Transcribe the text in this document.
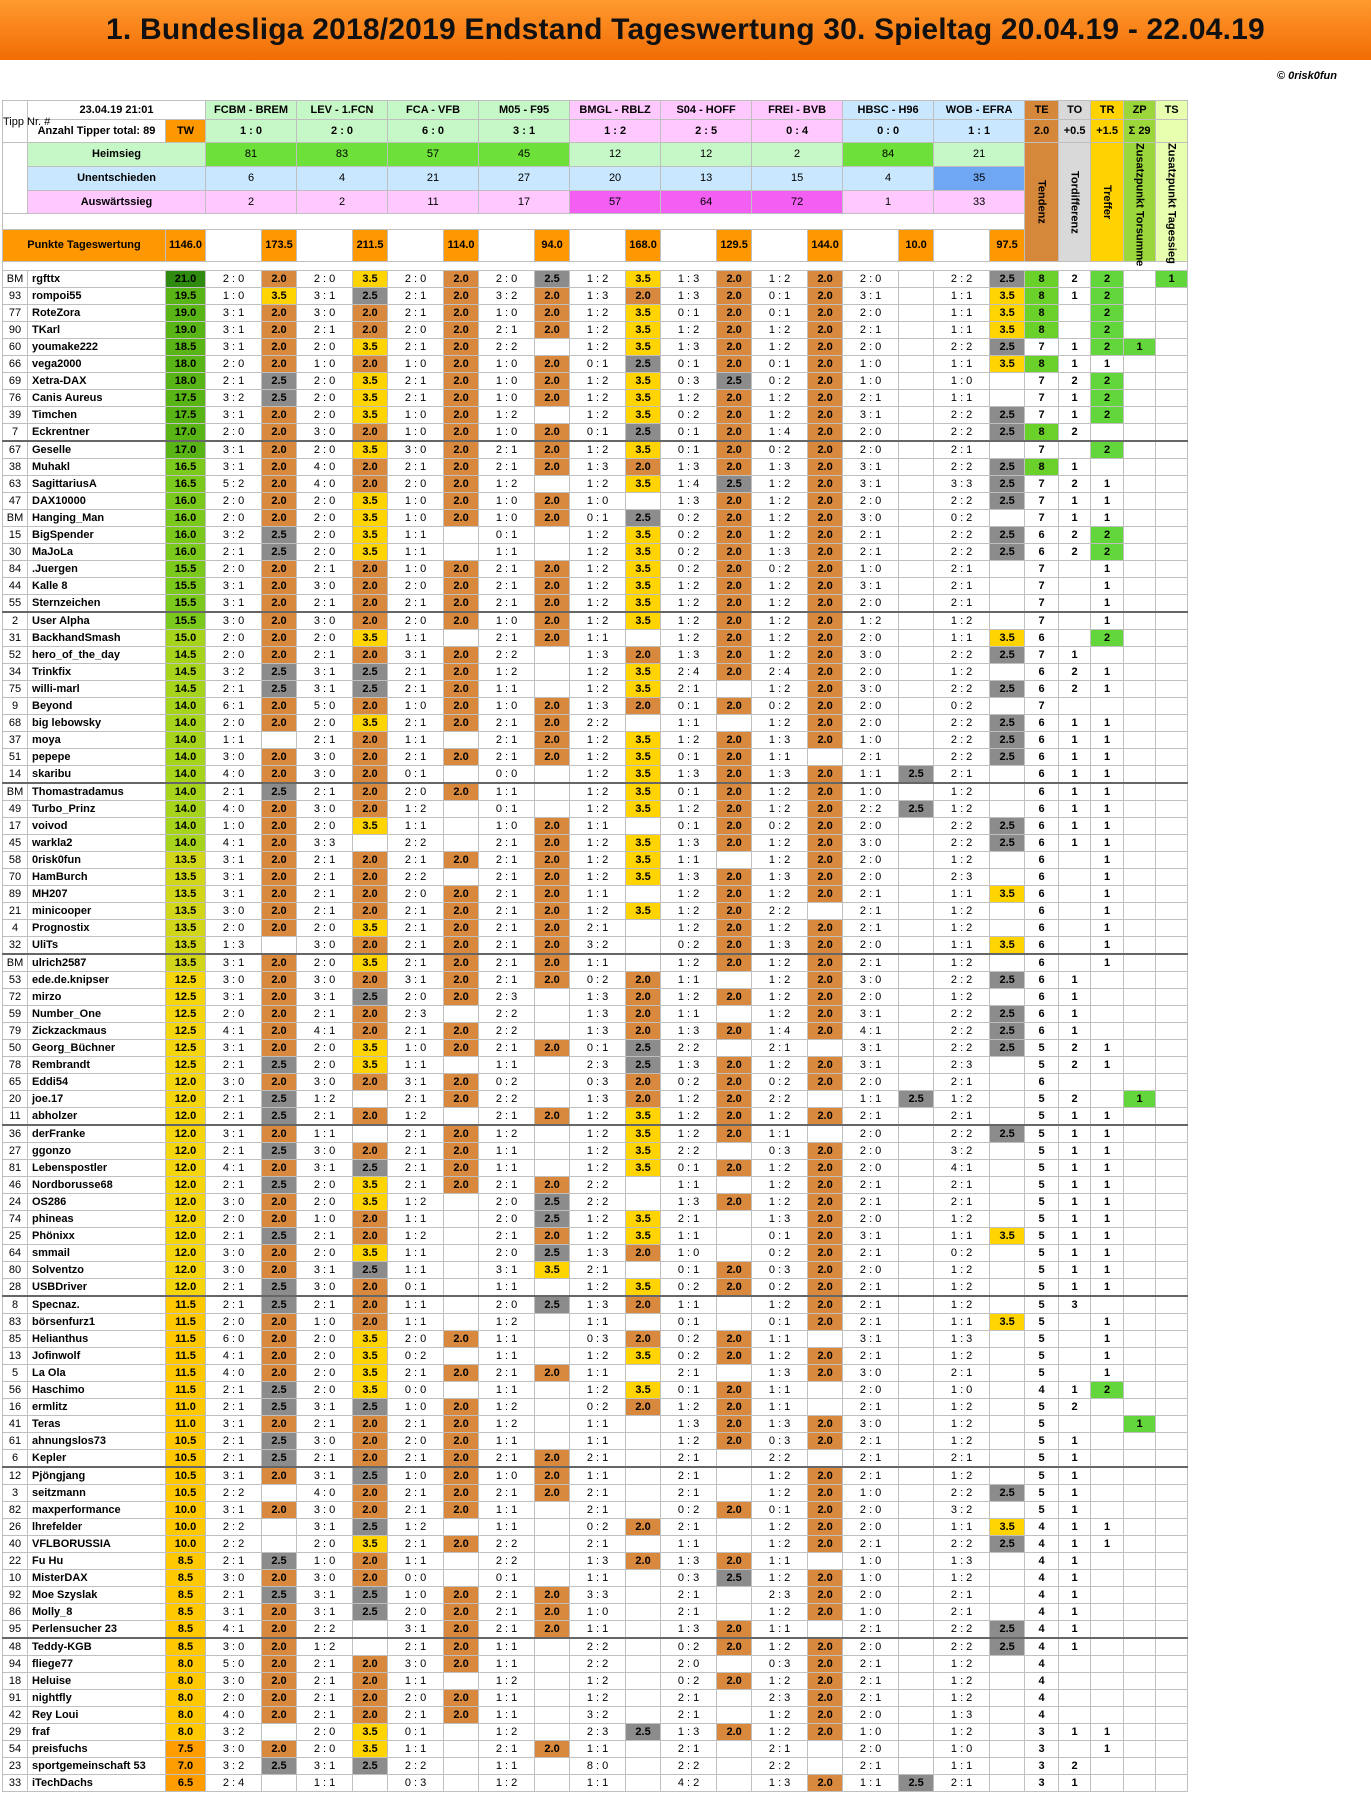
1. Bundesliga 2018/2019 Endstand Tageswertung 30. Spieltag 20.04.19 - 22.04.19
© 0risk0fun
Tipp Nr. #	23.04.19 21:01		FCBM - BREM		LEV - 1.FCN		FCA - VFB		M05 - F95		BMGL - RBLZ		S04 - HOFF		FREI - BVB		HBSC - H96		WOB - EFRA		TE	TO	TR	ZP	TS	
	Anzahl Tipper total: 89	TW	1 : 0		2 : 0		6 : 0		3 : 1		1 : 2		2 : 5		0 : 4		0 : 0		1 : 1		2.0	+0.5	+1.5	Σ 29		
	Heimsieg		81		83		57		45		12		12		2		84		21		Tendenz	Tordifferenz	Treffer	Zusatzpunkt Torsumme	Zusatzpunkt Tagessieg	
	Unentschieden		6		4		21		27		20		13		15		4		35							
	Auswärtssieg		2		2		11		17		57		64		72		1		33							

Punkte Tageswertung		1146.0		173.5		211.5		114.0		94.0		168.0		129.5		144.0		10.0		97.5					

BM	rgfttx	21.0	2 : 0	2.0	2 : 0	3.5	2 : 0	2.0	2 : 0	2.5	1 : 2	3.5	1 : 3	2.0	1 : 2	2.0	2 : 0		2 : 2	2.5	8	2	2		1	
93	rompoi55	19.5	1 : 0	3.5	3 : 1	2.5	2 : 1	2.0	3 : 2	2.0	1 : 3	2.0	1 : 3	2.0	0 : 1	2.0	3 : 1		1 : 1	3.5	8	1	2			
77	RoteZora	19.0	3 : 1	2.0	3 : 0	2.0	2 : 1	2.0	1 : 0	2.0	1 : 2	3.5	0 : 1	2.0	0 : 1	2.0	2 : 0		1 : 1	3.5	8		2			
90	TKarl	19.0	3 : 1	2.0	2 : 1	2.0	2 : 0	2.0	2 : 1	2.0	1 : 2	3.5	1 : 2	2.0	1 : 2	2.0	2 : 1		1 : 1	3.5	8		2			
60	youmake222	18.5	3 : 1	2.0	2 : 0	3.5	2 : 1	2.0	2 : 2		1 : 2	3.5	1 : 3	2.0	1 : 2	2.0	2 : 0		2 : 2	2.5	7	1	2	1		
66	vega2000	18.0	2 : 0	2.0	1 : 0	2.0	1 : 0	2.0	1 : 0	2.0	0 : 1	2.5	0 : 1	2.0	0 : 1	2.0	1 : 0		1 : 1	3.5	8	1	1			
69	Xetra-DAX	18.0	2 : 1	2.5	2 : 0	3.5	2 : 1	2.0	1 : 0	2.0	1 : 2	3.5	0 : 3	2.5	0 : 2	2.0	1 : 0		1 : 0		7	2	2			
76	Canis Aureus	17.5	3 : 2	2.5	2 : 0	3.5	2 : 1	2.0	1 : 0	2.0	1 : 2	3.5	1 : 2	2.0	1 : 2	2.0	2 : 1		1 : 1		7	1	2			
39	Timchen	17.5	3 : 1	2.0	2 : 0	3.5	1 : 0	2.0	1 : 2		1 : 2	3.5	0 : 2	2.0	1 : 2	2.0	3 : 1		2 : 2	2.5	7	1	2			
7	Eckrentner	17.0	2 : 0	2.0	3 : 0	2.0	1 : 0	2.0	1 : 0	2.0	0 : 1	2.5	0 : 1	2.0	1 : 4	2.0	2 : 0		2 : 2	2.5	8	2				
67	Geselle	17.0	3 : 1	2.0	2 : 0	3.5	3 : 0	2.0	2 : 1	2.0	1 : 2	3.5	0 : 1	2.0	0 : 2	2.0	2 : 0		2 : 1		7		2			
38	Muhakl	16.5	3 : 1	2.0	4 : 0	2.0	2 : 1	2.0	2 : 1	2.0	1 : 3	2.0	1 : 3	2.0	1 : 3	2.0	3 : 1		2 : 2	2.5	8	1				
63	SagittariusA	16.5	5 : 2	2.0	4 : 0	2.0	2 : 0	2.0	1 : 2		1 : 2	3.5	1 : 4	2.5	1 : 2	2.0	3 : 1		3 : 3	2.5	7	2	1			
47	DAX10000	16.0	2 : 0	2.0	2 : 0	3.5	1 : 0	2.0	1 : 0	2.0	1 : 0		1 : 3	2.0	1 : 2	2.0	2 : 0		2 : 2	2.5	7	1	1			
BM	Hanging_Man	16.0	2 : 0	2.0	2 : 0	3.5	1 : 0	2.0	1 : 0	2.0	0 : 1	2.5	0 : 2	2.0	1 : 2	2.0	3 : 0		0 : 2		7	1	1			
15	BigSpender	16.0	3 : 2	2.5	2 : 0	3.5	1 : 1		0 : 1		1 : 2	3.5	0 : 2	2.0	1 : 2	2.0	2 : 1		2 : 2	2.5	6	2	2			
30	MaJoLa	16.0	2 : 1	2.5	2 : 0	3.5	1 : 1		1 : 1		1 : 2	3.5	0 : 2	2.0	1 : 3	2.0	2 : 1		2 : 2	2.5	6	2	2			
84	.Juergen	15.5	2 : 0	2.0	2 : 1	2.0	1 : 0	2.0	2 : 1	2.0	1 : 2	3.5	0 : 2	2.0	0 : 2	2.0	1 : 0		2 : 1		7		1			
44	Kalle 8	15.5	3 : 1	2.0	3 : 0	2.0	2 : 0	2.0	2 : 1	2.0	1 : 2	3.5	1 : 2	2.0	1 : 2	2.0	3 : 1		2 : 1		7		1			
55	Sternzeichen	15.5	3 : 1	2.0	2 : 1	2.0	2 : 1	2.0	2 : 1	2.0	1 : 2	3.5	1 : 2	2.0	1 : 2	2.0	2 : 0		2 : 1		7		1			
2	User Alpha	15.5	3 : 0	2.0	3 : 0	2.0	2 : 0	2.0	1 : 0	2.0	1 : 2	3.5	1 : 2	2.0	1 : 2	2.0	1 : 2		1 : 2		7		1			
31	BackhandSmash	15.0	2 : 0	2.0	2 : 0	3.5	1 : 1		2 : 1	2.0	1 : 1		1 : 2	2.0	1 : 2	2.0	2 : 0		1 : 1	3.5	6		2			
52	hero_of_the_day	14.5	2 : 0	2.0	2 : 1	2.0	3 : 1	2.0	2 : 2		1 : 3	2.0	1 : 3	2.0	1 : 2	2.0	3 : 0		2 : 2	2.5	7	1				
34	Trinkfix	14.5	3 : 2	2.5	3 : 1	2.5	2 : 1	2.0	1 : 2		1 : 2	3.5	2 : 4	2.0	2 : 4	2.0	2 : 0		1 : 2		6	2	1			
75	willi-marl	14.5	2 : 1	2.5	3 : 1	2.5	2 : 1	2.0	1 : 1		1 : 2	3.5	2 : 1		1 : 2	2.0	3 : 0		2 : 2	2.5	6	2	1			
9	Beyond	14.0	6 : 1	2.0	5 : 0	2.0	1 : 0	2.0	1 : 0	2.0	1 : 3	2.0	0 : 1	2.0	0 : 2	2.0	2 : 0		0 : 2		7					
68	big lebowsky	14.0	2 : 0	2.0	2 : 0	3.5	2 : 1	2.0	2 : 1	2.0	2 : 2		1 : 1		1 : 2	2.0	2 : 0		2 : 2	2.5	6	1	1			
37	moya	14.0	1 : 1		2 : 1	2.0	1 : 1		2 : 1	2.0	1 : 2	3.5	1 : 2	2.0	1 : 3	2.0	1 : 0		2 : 2	2.5	6	1	1			
51	pepepe	14.0	3 : 0	2.0	3 : 0	2.0	2 : 1	2.0	2 : 1	2.0	1 : 2	3.5	0 : 1	2.0	1 : 1		2 : 1		2 : 2	2.5	6	1	1			
14	skaribu	14.0	4 : 0	2.0	3 : 0	2.0	0 : 1		0 : 0		1 : 2	3.5	1 : 3	2.0	1 : 3	2.0	1 : 1	2.5	2 : 1		6	1	1			
BM	Thomastradamus	14.0	2 : 1	2.5	2 : 1	2.0	2 : 0	2.0	1 : 1		1 : 2	3.5	0 : 1	2.0	1 : 2	2.0	1 : 0		1 : 2		6	1	1			
49	Turbo_Prinz	14.0	4 : 0	2.0	3 : 0	2.0	1 : 2		0 : 1		1 : 2	3.5	1 : 2	2.0	1 : 2	2.0	2 : 2	2.5	1 : 2		6	1	1			
17	voivod	14.0	1 : 0	2.0	2 : 0	3.5	1 : 1		1 : 0	2.0	1 : 1		0 : 1	2.0	0 : 2	2.0	2 : 0		2 : 2	2.5	6	1	1			
45	warkla2	14.0	4 : 1	2.0	3 : 3		2 : 2		2 : 1	2.0	1 : 2	3.5	1 : 3	2.0	1 : 2	2.0	3 : 0		2 : 2	2.5	6	1	1			
58	0risk0fun	13.5	3 : 1	2.0	2 : 1	2.0	2 : 1	2.0	2 : 1	2.0	1 : 2	3.5	1 : 1		1 : 2	2.0	2 : 0		1 : 2		6		1			
70	HamBurch	13.5	3 : 1	2.0	2 : 1	2.0	2 : 2		2 : 1	2.0	1 : 2	3.5	1 : 3	2.0	1 : 3	2.0	2 : 0		2 : 3		6		1			
89	MH207	13.5	3 : 1	2.0	2 : 1	2.0	2 : 0	2.0	2 : 1	2.0	1 : 1		1 : 2	2.0	1 : 2	2.0	2 : 1		1 : 1	3.5	6		1			
21	minicooper	13.5	3 : 0	2.0	2 : 1	2.0	2 : 1	2.0	2 : 1	2.0	1 : 2	3.5	1 : 2	2.0	2 : 2		2 : 1		1 : 2		6		1			
4	Prognostix	13.5	2 : 0	2.0	2 : 0	3.5	2 : 1	2.0	2 : 1	2.0	2 : 1		1 : 2	2.0	1 : 2	2.0	2 : 1		1 : 2		6		1			
32	UliTs	13.5	1 : 3		3 : 0	2.0	2 : 1	2.0	2 : 1	2.0	3 : 2		0 : 2	2.0	1 : 3	2.0	2 : 0		1 : 1	3.5	6		1			
BM	ulrich2587	13.5	3 : 1	2.0	2 : 0	3.5	2 : 1	2.0	2 : 1	2.0	1 : 1		1 : 2	2.0	1 : 2	2.0	2 : 1		1 : 2		6		1			
53	ede.de.knipser	12.5	3 : 0	2.0	3 : 0	2.0	3 : 1	2.0	2 : 1	2.0	0 : 2	2.0	1 : 1		1 : 2	2.0	3 : 0		2 : 2	2.5	6	1				
72	mirzo	12.5	3 : 1	2.0	3 : 1	2.5	2 : 0	2.0	2 : 3		1 : 3	2.0	1 : 2	2.0	1 : 2	2.0	2 : 0		1 : 2		6	1				
59	Number_One	12.5	2 : 0	2.0	2 : 1	2.0	2 : 3		2 : 2		1 : 3	2.0	1 : 1		1 : 2	2.0	3 : 1		2 : 2	2.5	6	1				
79	Zickzackmaus	12.5	4 : 1	2.0	4 : 1	2.0	2 : 1	2.0	2 : 2		1 : 3	2.0	1 : 3	2.0	1 : 4	2.0	4 : 1		2 : 2	2.5	6	1				
50	Georg_Büchner	12.5	3 : 1	2.0	2 : 0	3.5	1 : 0	2.0	2 : 1	2.0	0 : 1	2.5	2 : 2		2 : 1		3 : 1		2 : 2	2.5	5	2	1			
78	Rembrandt	12.5	2 : 1	2.5	2 : 0	3.5	1 : 1		1 : 1		2 : 3	2.5	1 : 3	2.0	1 : 2	2.0	3 : 1		2 : 3		5	2	1			
65	Eddi54	12.0	3 : 0	2.0	3 : 0	2.0	3 : 1	2.0	0 : 2		0 : 3	2.0	0 : 2	2.0	0 : 2	2.0	2 : 0		2 : 1		6					
20	joe.17	12.0	2 : 1	2.5	1 : 2		2 : 1	2.0	2 : 2		1 : 3	2.0	1 : 2	2.0	2 : 2		1 : 1	2.5	1 : 2		5	2		1		
11	abholzer	12.0	2 : 1	2.5	2 : 1	2.0	1 : 2		2 : 1	2.0	1 : 2	3.5	1 : 2	2.0	1 : 2	2.0	2 : 1		2 : 1		5	1	1			
36	derFranke	12.0	3 : 1	2.0	1 : 1		2 : 1	2.0	1 : 2		1 : 2	3.5	1 : 2	2.0	1 : 1		2 : 0		2 : 2	2.5	5	1	1			
27	ggonzo	12.0	2 : 1	2.5	3 : 0	2.0	2 : 1	2.0	1 : 1		1 : 2	3.5	2 : 2		0 : 3	2.0	2 : 0		3 : 2		5	1	1			
81	Lebenspostler	12.0	4 : 1	2.0	3 : 1	2.5	2 : 1	2.0	1 : 1		1 : 2	3.5	0 : 1	2.0	1 : 2	2.0	2 : 0		4 : 1		5	1	1			
46	Nordborusse68	12.0	2 : 1	2.5	2 : 0	3.5	2 : 1	2.0	2 : 1	2.0	2 : 2		1 : 1		1 : 2	2.0	2 : 1		2 : 1		5	1	1			
24	OS286	12.0	3 : 0	2.0	2 : 0	3.5	1 : 2		2 : 0	2.5	2 : 2		1 : 3	2.0	1 : 2	2.0	2 : 1		2 : 1		5	1	1			
74	phineas	12.0	2 : 0	2.0	1 : 0	2.0	1 : 1		2 : 0	2.5	1 : 2	3.5	2 : 1		1 : 3	2.0	2 : 0		1 : 2		5	1	1			
25	Phönixx	12.0	2 : 1	2.5	2 : 1	2.0	1 : 2		2 : 1	2.0	1 : 2	3.5	1 : 1		0 : 1	2.0	3 : 1		1 : 1	3.5	5	1	1			
64	smmail	12.0	3 : 0	2.0	2 : 0	3.5	1 : 1		2 : 0	2.5	1 : 3	2.0	1 : 0		0 : 2	2.0	2 : 1		0 : 2		5	1	1			
80	Solventzo	12.0	3 : 0	2.0	3 : 1	2.5	1 : 1		3 : 1	3.5	2 : 1		0 : 1	2.0	0 : 3	2.0	2 : 0		1 : 2		5	1	1			
28	USBDriver	12.0	2 : 1	2.5	3 : 0	2.0	0 : 1		1 : 1		1 : 2	3.5	0 : 2	2.0	0 : 2	2.0	2 : 1		1 : 2		5	1	1			
8	Specnaz.	11.5	2 : 1	2.5	2 : 1	2.0	1 : 1		2 : 0	2.5	1 : 3	2.0	1 : 1		1 : 2	2.0	2 : 1		1 : 2		5	3				
83	börsenfurz1	11.5	2 : 0	2.0	1 : 0	2.0	1 : 1		1 : 2		1 : 1		0 : 1		0 : 1	2.0	2 : 1		1 : 1	3.5	5		1			
85	Helianthus	11.5	6 : 0	2.0	2 : 0	3.5	2 : 0	2.0	1 : 1		0 : 3	2.0	0 : 2	2.0	1 : 1		3 : 1		1 : 3		5		1			
13	Jofinwolf	11.5	4 : 1	2.0	2 : 0	3.5	0 : 2		1 : 1		1 : 2	3.5	0 : 2	2.0	1 : 2	2.0	2 : 1		1 : 2		5		1			
5	La Ola	11.5	4 : 0	2.0	2 : 0	3.5	2 : 1	2.0	2 : 1	2.0	1 : 1		2 : 1		1 : 3	2.0	3 : 0		2 : 1		5		1			
56	Haschimo	11.5	2 : 1	2.5	2 : 0	3.5	0 : 0		1 : 1		1 : 2	3.5	0 : 1	2.0	1 : 1		2 : 0		1 : 0		4	1	2			
16	ermlitz	11.0	2 : 1	2.5	3 : 1	2.5	1 : 0	2.0	1 : 2		0 : 2	2.0	1 : 2	2.0	1 : 1		2 : 1		1 : 2		5	2				
41	Teras	11.0	3 : 1	2.0	2 : 1	2.0	2 : 1	2.0	1 : 2		1 : 1		1 : 3	2.0	1 : 3	2.0	3 : 0		1 : 2		5			1		
61	ahnungslos73	10.5	2 : 1	2.5	3 : 0	2.0	2 : 0	2.0	1 : 1		1 : 1		1 : 2	2.0	0 : 3	2.0	2 : 1		1 : 2		5	1				
6	Kepler	10.5	2 : 1	2.5	2 : 1	2.0	2 : 1	2.0	2 : 1	2.0	2 : 1		2 : 1		2 : 2		2 : 1		2 : 1		5	1				
12	Pjöngjang	10.5	3 : 1	2.0	3 : 1	2.5	1 : 0	2.0	1 : 0	2.0	1 : 1		2 : 1		1 : 2	2.0	2 : 1		1 : 2		5	1				
3	seitzmann	10.5	2 : 2		4 : 0	2.0	2 : 1	2.0	2 : 1	2.0	2 : 1		2 : 1		1 : 2	2.0	1 : 0		2 : 2	2.5	5	1				
82	maxperformance	10.0	3 : 1	2.0	3 : 0	2.0	2 : 1	2.0	1 : 1		2 : 1		0 : 2	2.0	0 : 1	2.0	2 : 0		3 : 2		5	1				
26	lhrefelder	10.0	2 : 2		3 : 1	2.5	1 : 2		1 : 1		0 : 2	2.0	2 : 1		1 : 2	2.0	2 : 0		1 : 1	3.5	4	1	1			
40	VFLBORUSSIA	10.0	2 : 2		2 : 0	3.5	2 : 1	2.0	2 : 2		2 : 1		1 : 1		1 : 2	2.0	2 : 1		2 : 2	2.5	4	1	1			
22	Fu Hu	8.5	2 : 1	2.5	1 : 0	2.0	1 : 1		2 : 2		1 : 3	2.0	1 : 3	2.0	1 : 1		1 : 0		1 : 3		4	1				
10	MisterDAX	8.5	3 : 0	2.0	3 : 0	2.0	0 : 0		0 : 1		1 : 1		0 : 3	2.5	1 : 2	2.0	1 : 0		1 : 2		4	1				
92	Moe Szyslak	8.5	2 : 1	2.5	3 : 1	2.5	1 : 0	2.0	2 : 1	2.0	3 : 3		2 : 1		2 : 3	2.0	2 : 0		2 : 1		4	1				
86	Molly_8	8.5	3 : 1	2.0	3 : 1	2.5	2 : 0	2.0	2 : 1	2.0	1 : 0		2 : 1		1 : 2	2.0	1 : 0		2 : 1		4	1				
95	Perlensucher 23	8.5	4 : 1	2.0	2 : 2		3 : 1	2.0	2 : 1	2.0	1 : 1		1 : 3	2.0	1 : 1		2 : 1		2 : 2	2.5	4	1				
48	Teddy-KGB	8.5	3 : 0	2.0	1 : 2		2 : 1	2.0	1 : 1		2 : 2		0 : 2	2.0	1 : 2	2.0	2 : 0		2 : 2	2.5	4	1				
94	fliege77	8.0	5 : 0	2.0	2 : 1	2.0	3 : 0	2.0	1 : 1		2 : 2		2 : 0		0 : 3	2.0	2 : 1		1 : 2		4					
18	Heluise	8.0	3 : 0	2.0	2 : 1	2.0	1 : 1		1 : 2		1 : 2		0 : 2	2.0	1 : 2	2.0	2 : 1		1 : 2		4					
91	nightfly	8.0	2 : 0	2.0	2 : 1	2.0	2 : 0	2.0	1 : 1		1 : 2		2 : 1		2 : 3	2.0	2 : 1		1 : 2		4					
42	Rey Loui	8.0	4 : 0	2.0	2 : 1	2.0	2 : 1	2.0	1 : 1		3 : 2		2 : 1		1 : 2	2.0	2 : 0		1 : 3		4					
29	fraf	8.0	3 : 2		2 : 0	3.5	0 : 1		1 : 2		2 : 3	2.5	1 : 3	2.0	1 : 2	2.0	1 : 0		1 : 2		3	1	1			
54	preisfuchs	7.5	3 : 0	2.0	2 : 0	3.5	1 : 1		2 : 1	2.0	1 : 1		2 : 1		2 : 1		2 : 0		1 : 0		3		1			
23	sportgemeinschaft 53	7.0	3 : 2	2.5	3 : 1	2.5	2 : 2		1 : 1		8 : 0		2 : 2		2 : 2		2 : 1		1 : 1		3	2				
33	iTechDachs	6.5	2 : 4		1 : 1		0 : 3		1 : 2		1 : 1		4 : 2		1 : 3	2.0	1 : 1	2.5	2 : 1		3	1				
